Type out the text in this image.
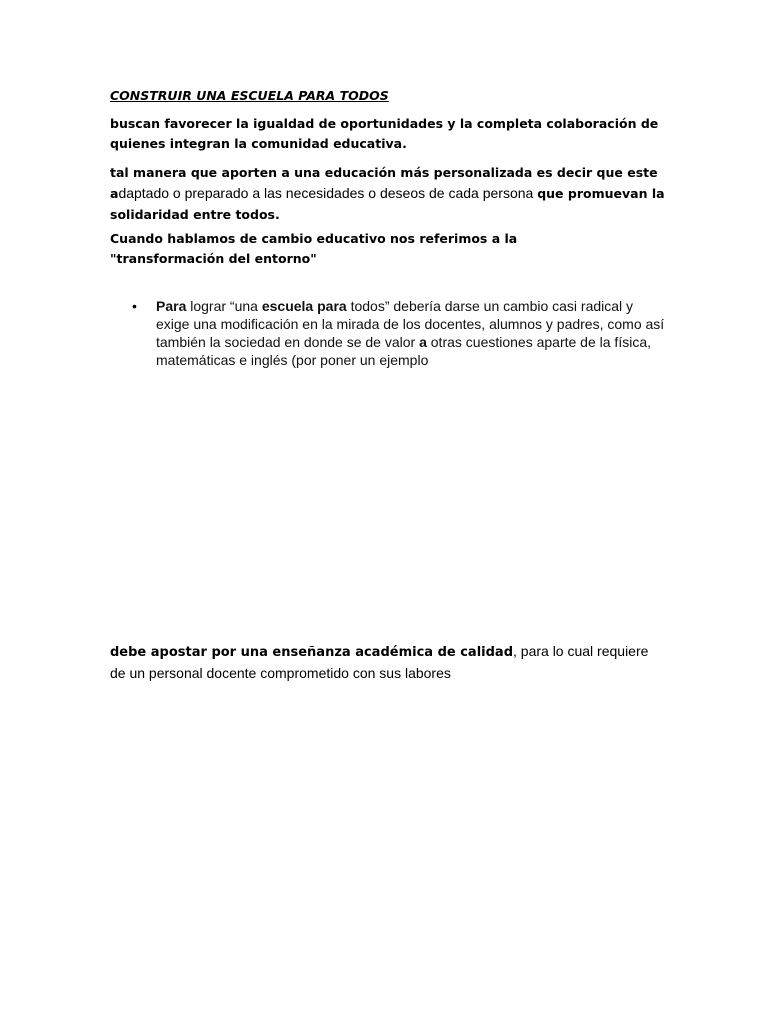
CONSTRUIR UNA ESCUELA PARA TODOS
buscan favorecer la igualdad de oportunidades y la completa colaboración de quienes integran la comunidad educativa.
tal manera que aporten a una educación más personalizada es decir que este adaptado o preparado a las necesidades o deseos de cada persona que promuevan la solidaridad entre todos.
Cuando hablamos de cambio educativo nos referimos a la "transformación del entorno"
• Para lograr “una escuela para todos” debería darse un cambio casi radical y exige una modificación en la mirada de los docentes, alumnos y padres, como así también la sociedad en donde se de valor a otras cuestiones aparte de la física, matemáticas e inglés (por poner un ejemplo
debe apostar por una enseñanza académica de calidad, para lo cual requiere de un personal docente comprometido con sus labores
